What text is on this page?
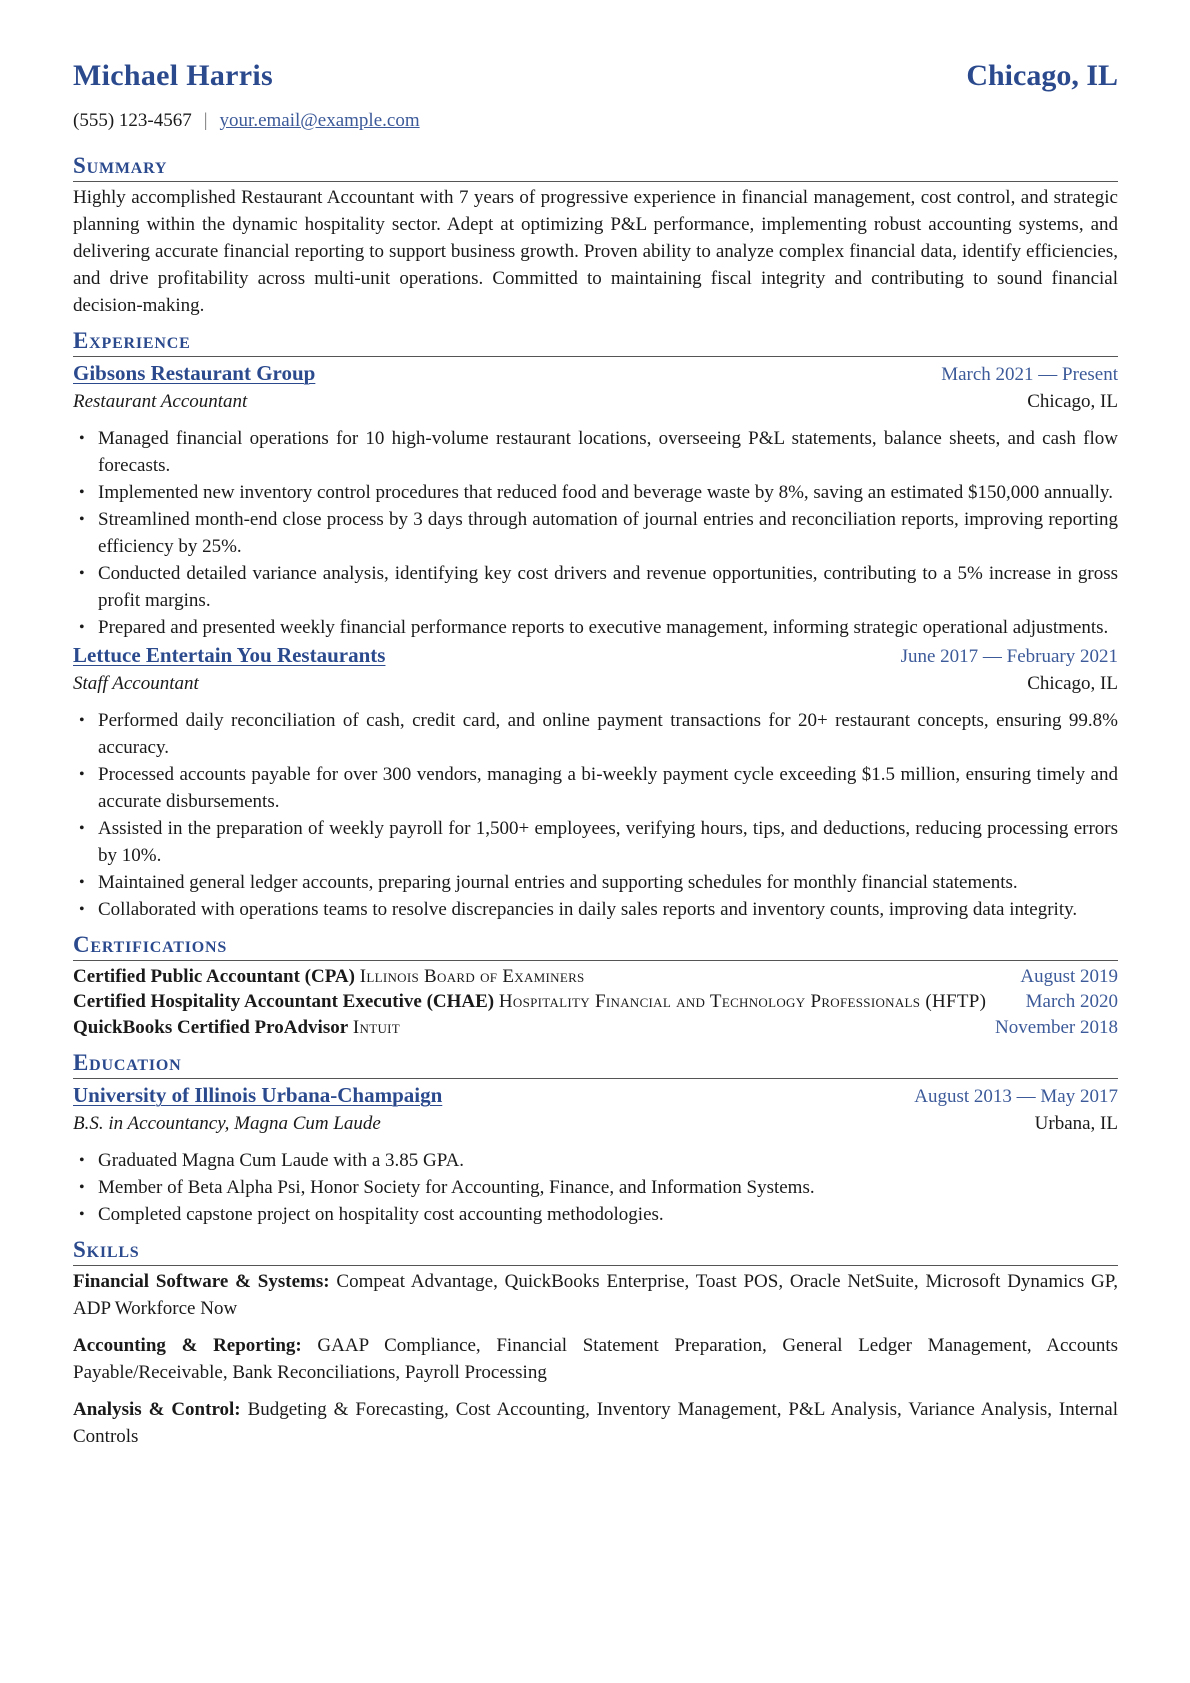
Michael Harris	Chicago, IL
(555) 123-4567 | your.email@example.com
Summary
Highly accomplished Restaurant Accountant with 7 years of progressive experience in financial management, cost control, and strategic planning within the dynamic hospitality sector. Adept at optimizing P&L performance, implementing robust accounting systems, and delivering accurate financial reporting to support business growth. Proven ability to analyze complex financial data, identify efficiencies, and drive profitability across multi-unit operations. Committed to maintaining fiscal integrity and contributing to sound financial decision-making.
Experience
Gibsons Restaurant Group	March 2021 — Present
Restaurant Accountant	Chicago, IL
• Managed financial operations for 10 high-volume restaurant locations, overseeing P&L statements, balance sheets, and cash flow forecasts.
• Implemented new inventory control procedures that reduced food and beverage waste by 8%, saving an estimated $150,000 annually.
• Streamlined month-end close process by 3 days through automation of journal entries and reconciliation reports, improving reporting efficiency by 25%.
• Conducted detailed variance analysis, identifying key cost drivers and revenue opportunities, contributing to a 5% increase in gross profit margins.
• Prepared and presented weekly financial performance reports to executive management, informing strategic operational adjustments.
Lettuce Entertain You Restaurants	June 2017 — February 2021
Staff Accountant	Chicago, IL
• Performed daily reconciliation of cash, credit card, and online payment transactions for 20+ restaurant concepts, ensuring 99.8% accuracy.
• Processed accounts payable for over 300 vendors, managing a bi-weekly payment cycle exceeding $1.5 million, ensuring timely and accurate disbursements.
• Assisted in the preparation of weekly payroll for 1,500+ employees, verifying hours, tips, and deductions, reducing processing errors by 10%.
• Maintained general ledger accounts, preparing journal entries and supporting schedules for monthly financial statements.
• Collaborated with operations teams to resolve discrepancies in daily sales reports and inventory counts, improving data integrity.
Certifications
Certified Public Accountant (CPA) Illinois Board of Examiners	August 2019
Certified Hospitality Accountant Executive (CHAE) Hospitality Financial and Technology Professionals (HFTP)	March 2020
QuickBooks Certified ProAdvisor Intuit	November 2018
Education
University of Illinois Urbana-Champaign	August 2013 — May 2017
B.S. in Accountancy, Magna Cum Laude	Urbana, IL
• Graduated Magna Cum Laude with a 3.85 GPA.
• Member of Beta Alpha Psi, Honor Society for Accounting, Finance, and Information Systems.
• Completed capstone project on hospitality cost accounting methodologies.
Skills
Financial Software & Systems: Compeat Advantage, QuickBooks Enterprise, Toast POS, Oracle NetSuite, Microsoft Dynamics GP, ADP Workforce Now
Accounting & Reporting: GAAP Compliance, Financial Statement Preparation, General Ledger Management, Accounts Payable/Receivable, Bank Reconciliations, Payroll Processing
Analysis & Control: Budgeting & Forecasting, Cost Accounting, Inventory Management, P&L Analysis, Variance Analysis, Internal Controls
